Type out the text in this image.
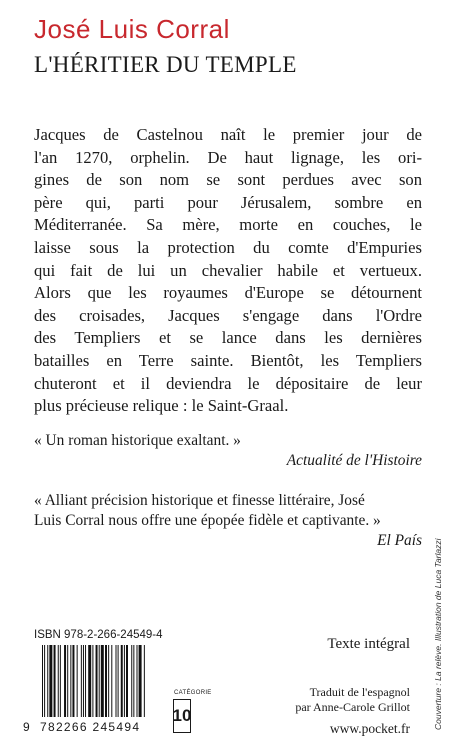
José Luis Corral
L'HÉRITIER DU TEMPLE

Jacques de Castelnou naît le premier jour de
l'an 1270, orphelin. De haut lignage, les ori-
gines de son nom se sont perdues avec son
père qui, parti pour Jérusalem, sombre en
Méditerranée. Sa mère, morte en couches, le
laisse sous la protection du comte d'Empuries
qui fait de lui un chevalier habile et vertueux.
Alors que les royaumes d'Europe se détournent
des croisades, Jacques s'engage dans l'Ordre
des Templiers et se lance dans les dernières
batailles en Terre sainte. Bientôt, les Templiers
chuteront et il deviendra le dépositaire de leur
plus précieuse relique : le Saint-Graal.

« Un roman historique exaltant. »
Actualité de l'Histoire
« Alliant précision historique et finesse littéraire, José
Luis Corral nous offre une épopée fidèle et captivante. »
El País Couverture : La relève. Illustration de Luca Tarlazzi
ISBN 978-2-266-24549-4
9 782266 245494
CATÉGORIE
10
Texte intégral
Traduit de l'espagnol
par Anne-Carole Grillot
www.pocket.fr
